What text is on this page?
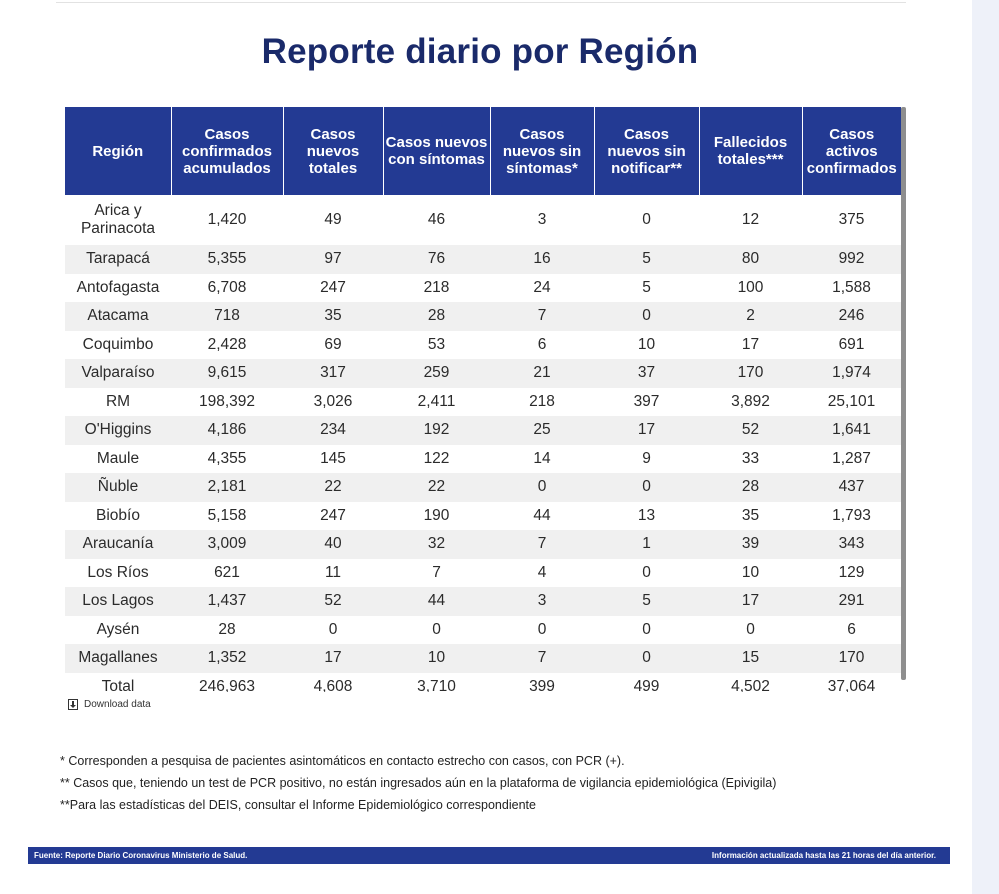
Reporte diario por Región
Región	Casos confirmados acumulados	Casos nuevos totales	Casos nuevos con síntomas	Casos nuevos sin síntomas*	Casos nuevos sin notificar**	Fallecidos totales***	Casos activos confirmados
Arica y Parinacota	1,420	49	46	3	0	12	375
Tarapacá	5,355	97	76	16	5	80	992
Antofagasta	6,708	247	218	24	5	100	1,588
Atacama	718	35	28	7	0	2	246
Coquimbo	2,428	69	53	6	10	17	691
Valparaíso	9,615	317	259	21	37	170	1,974
RM	198,392	3,026	2,411	218	397	3,892	25,101
O'Higgins	4,186	234	192	25	17	52	1,641
Maule	4,355	145	122	14	9	33	1,287
Ñuble	2,181	22	22	0	0	28	437
Biobío	5,158	247	190	44	13	35	1,793
Araucanía	3,009	40	32	7	1	39	343
Los Ríos	621	11	7	4	0	10	129
Los Lagos	1,437	52	44	3	5	17	291
Aysén	28	0	0	0	0	0	6
Magallanes	1,352	17	10	7	0	15	170
Total	246,963	4,608	3,710	399	499	4,502	37,064
Download data
* Corresponden a pesquisa de pacientes asintomáticos en contacto estrecho con casos, con PCR (+).
** Casos que, teniendo un test de PCR positivo, no están ingresados aún en la plataforma de vigilancia epidemiológica (Epivigila)
**Para las estadísticas del DEIS, consultar el Informe Epidemiológico correspondiente
Fuente: Reporte Diario Coronavirus Ministerio de Salud.	Información actualizada hasta las 21 horas del día anterior.
